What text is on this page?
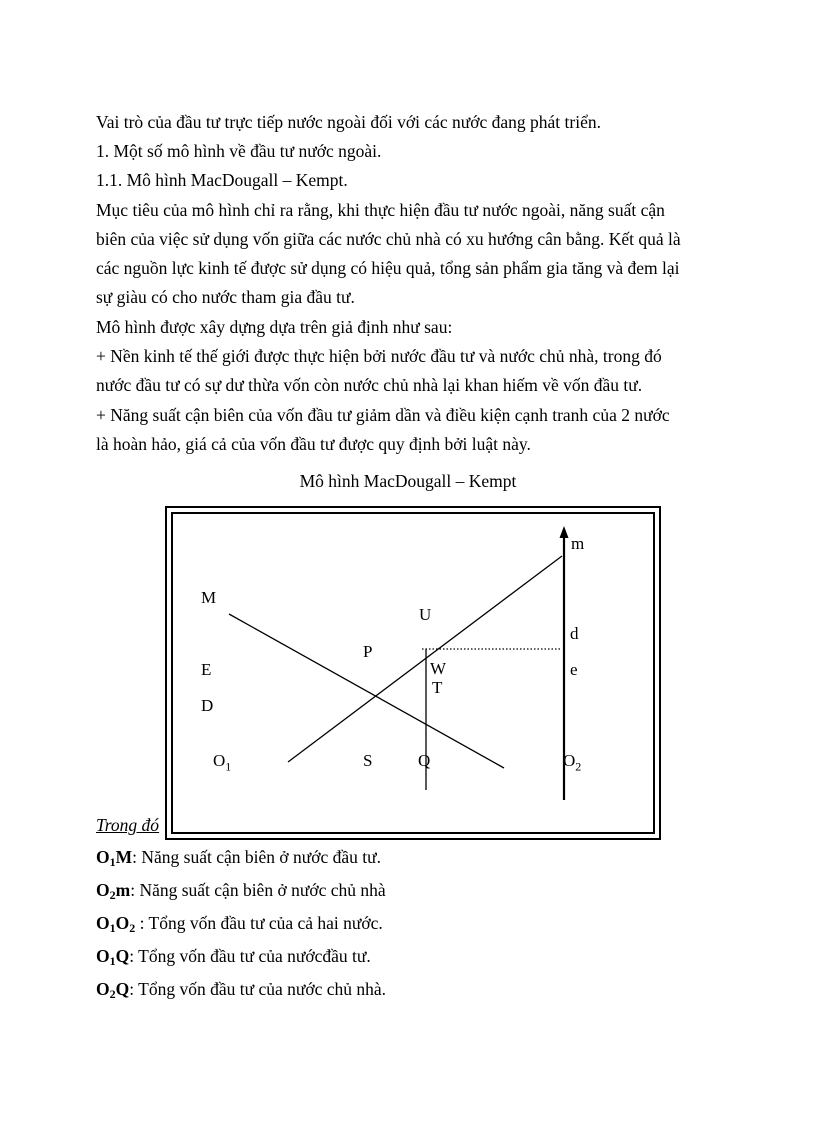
Vai trò của đầu tư trực tiếp nước ngoài đối với các nước đang phát triển.
1. Một số mô hình về đầu tư nước ngoài.
1.1. Mô hình MacDougall – Kempt.
Mục tiêu của mô hình chỉ ra rằng, khi thực hiện đầu tư nước ngoài, năng suất cận
biên của việc sử dụng vốn giữa các nước chủ nhà có xu hướng cân bằng. Kết quả là
các nguồn lực kinh tế được sử dụng có hiệu quả, tổng sản phẩm gia tăng và đem lại
sự giàu có cho nước tham gia đầu tư.
Mô hình được xây dựng dựa trên giả định như sau:
+ Nền kinh tế thế giới được thực hiện bởi nước đầu tư và nước chủ nhà, trong đó
nước đầu tư có sự dư thừa vốn còn nước chủ nhà lại khan hiếm về vốn đầu tư.
+ Năng suất cận biên của vốn đầu tư giảm dần và điều kiện cạnh tranh của 2 nước
là hoàn hảo, giá cả của vốn đầu tư được quy định bởi luật này.
Mô hình MacDougall – Kempt
M
E
D
$O_1$
P
S
U
W
T
Q
m
d
e
$O_2$
Trong đó
$O_1M$: Năng suất cận biên ở nước đầu tư.
$O_2m$: Năng suất cận biên ở nước chủ nhà
$O_1O_2$ : Tổng vốn đầu tư của cả hai nước.
$O_1Q$: Tổng vốn đầu tư của nướcđầu tư.
$O_2Q$: Tổng vốn đầu tư của nước chủ nhà.
